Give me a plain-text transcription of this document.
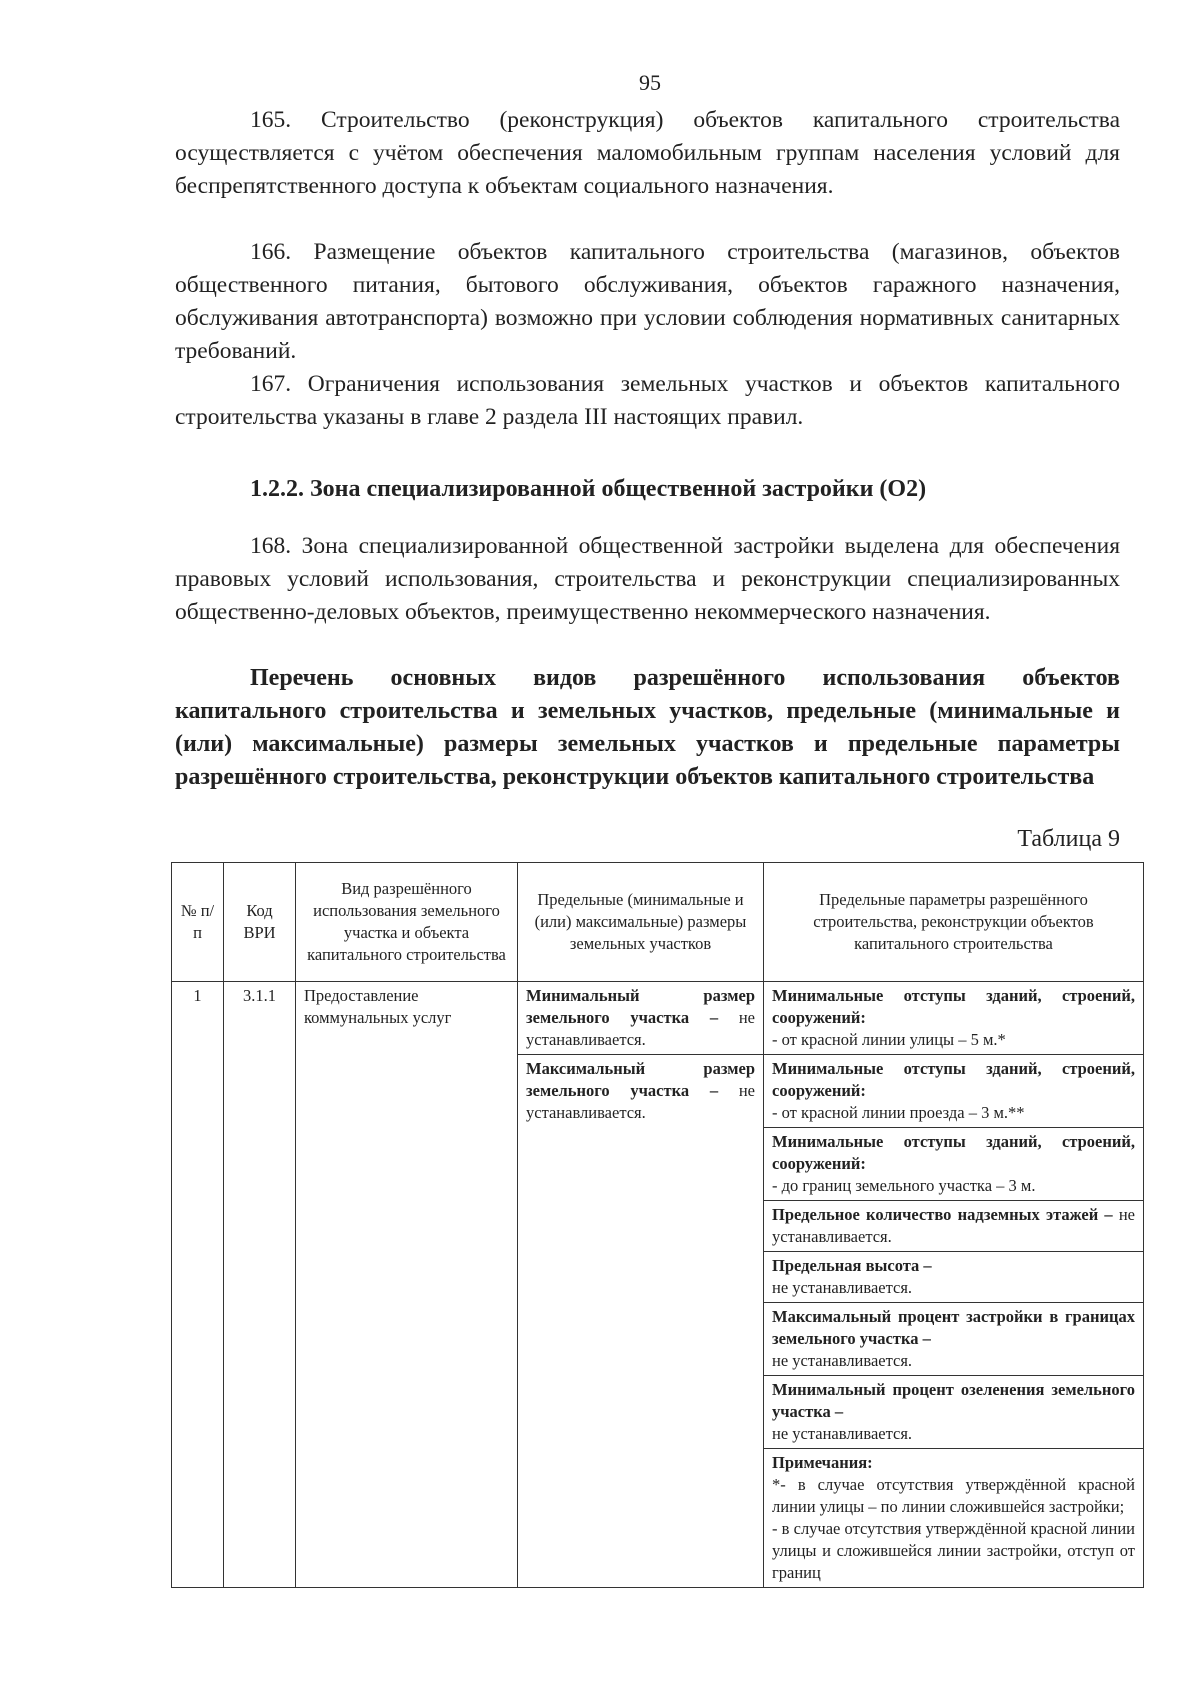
95

165. Строительство (реконструкция) объектов капитального строительства осуществляется с учётом обеспечения маломобильным группам населения условий для беспрепятственного доступа к объектам социального назначения.

166. Размещение объектов капитального строительства (магазинов, объектов общественного питания, бытового обслуживания, объектов гаражного назначения, обслуживания автотранспорта) возможно при условии соблюдения нормативных санитарных требований.

167. Ограничения использования земельных участков и объектов капитального строительства указаны в главе 2 раздела III настоящих правил.

1.2.2. Зона специализированной общественной застройки (О2)

168. Зона специализированной общественной застройки выделена для обеспечения правовых условий использования, строительства и реконструкции специализированных общественно-деловых объектов, преимущественно некоммерческого назначения.

Перечень основных видов разрешённого использования объектов капитального строительства и земельных участков, предельные (минимальные и (или) максимальные) размеры земельных участков и предельные параметры разрешённого строительства, реконструкции объектов капитального строительства

Таблица 9
№ п/п	Код ВРИ	Вид разрешённого использования земельного участка и объекта капитального строительства	Предельные (минимальные и (или) максимальные) размеры земельных участков	Предельные параметры разрешённого строительства, реконструкции объектов капитального строительства
1	3.1.1	Предоставление коммунальных услуг	Минимальный размер земельного участка – не устанавливается.	Минимальные отступы зданий, строений, сооружений:
- от красной линии улицы – 5 м.*
			Максимальный размер земельного участка – не устанавливается.	Минимальные отступы зданий, строений, сооружений:
- от красной линии проезда – 3 м.**
				Минимальные отступы зданий, строений, сооружений:
- до границ земельного участка – 3 м.
				Предельное количество надземных этажей – не устанавливается.
				Предельная высота –
не устанавливается.
				Максимальный процент застройки в границах земельного участка –
не устанавливается.
				Минимальный процент озеленения земельного участка –
не устанавливается.
				Примечания:
*- в случае отсутствия утверждённой красной линии улицы – по линии сложившейся застройки;
- в случае отсутствия утверждённой красной линии улицы и сложившейся линии застройки, отступ от границ
